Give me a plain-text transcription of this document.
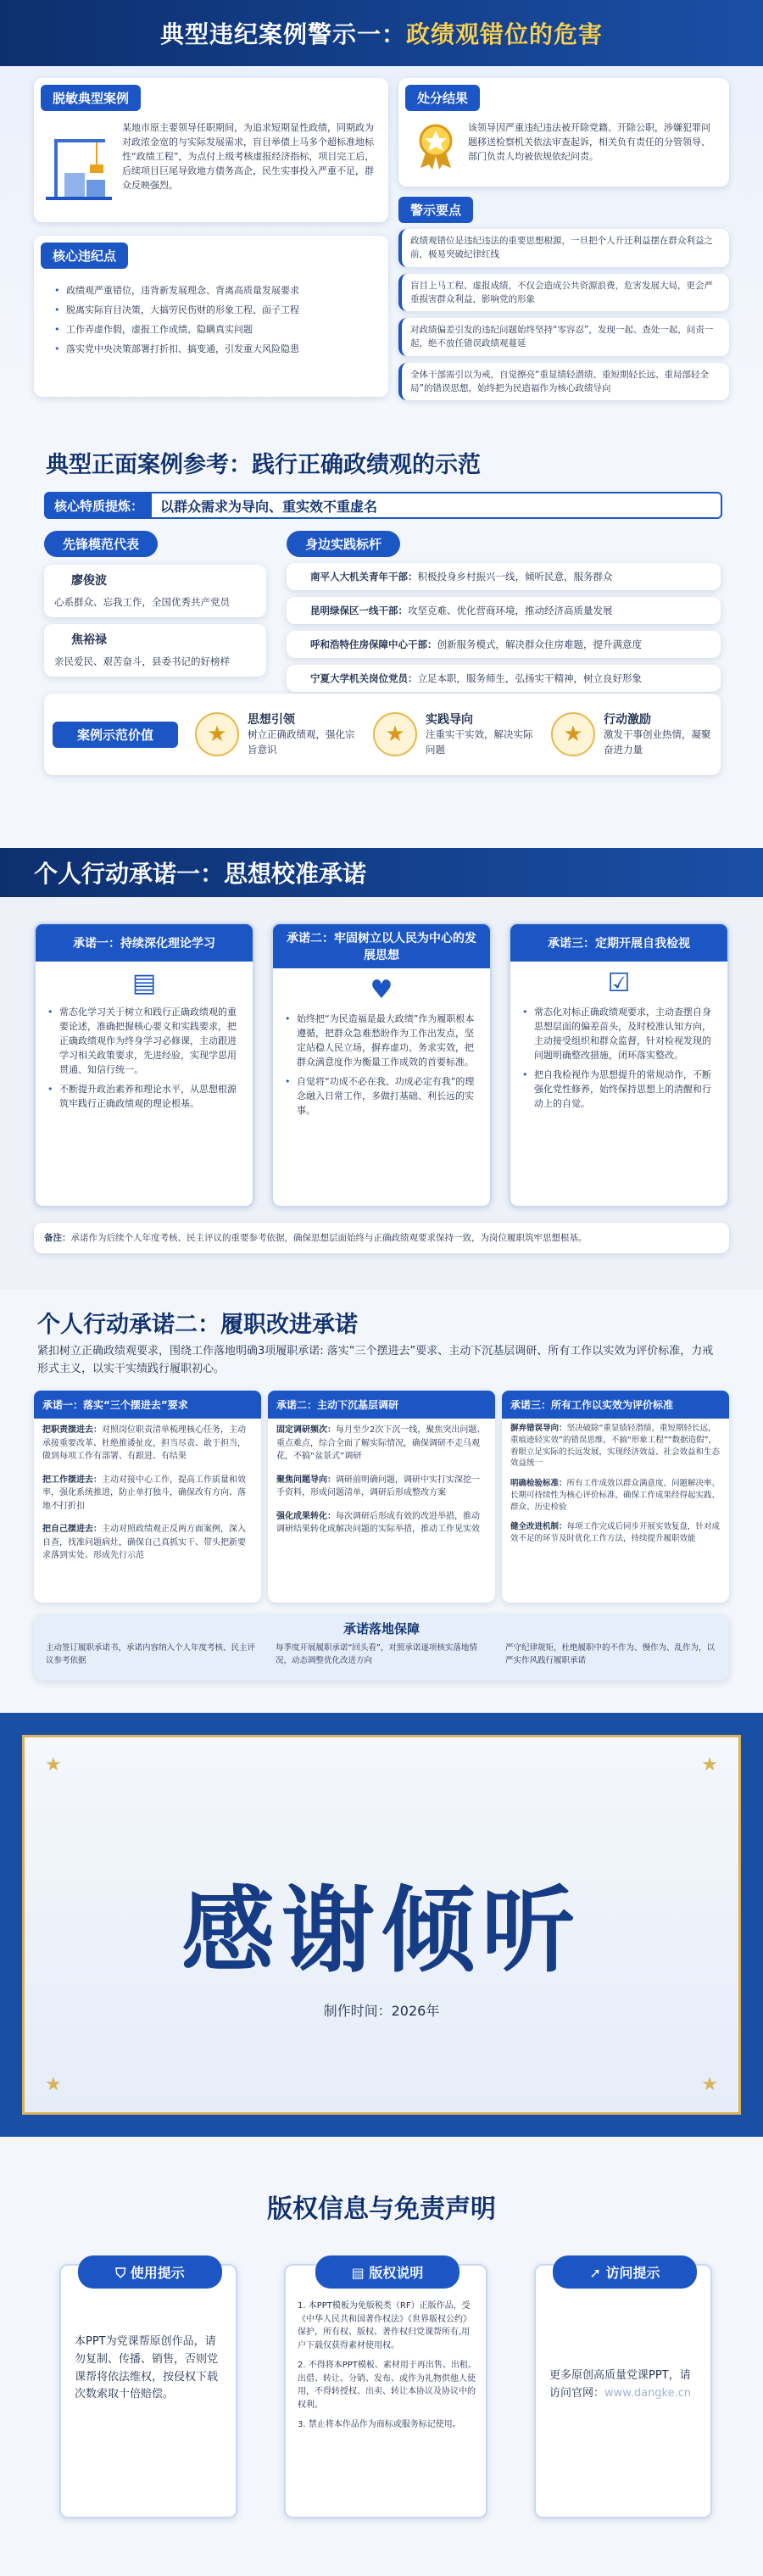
典型违纪案例警示一：政绩观错位的危害
脱敏典型案例
某地市原主要领导任职期间，为追求短期显性政绩，同期政为对政浓金宽的与实际发展需求，盲目举债上马多个超标准地标性“政绩工程”，为点付上级考核虚报经济指标，项目完工后，后续项目巨尾导致地方债务高企，民生实事投入严重不足，群众反映强烈。
处分结果
该领导因严重违纪违法被开除党籍、开除公职，涉嫌犯罪问题移送检察机关依法审查起诉，相关负有责任的分管领导、部门负责人均被依规依纪问责。
核心违纪点
• 政绩观严重错位，违背新发展理念、背离高质量发展要求
• 脱离实际盲目决策，大搞劳民伤财的形象工程、面子工程
• 工作弄虚作假，虚报工作成绩、隐瞒真实问题
• 落实党中央决策部署打折扣、搞变通，引发重大风险隐患
警示要点
政绩观错位是违纪违法的重要思想根源，一旦把个人升迁利益摆在群众利益之前，极易突破纪律红线
盲目上马工程、虚报成绩，不仅会造成公共资源浪费，危害发展大局，更会严重损害群众利益，影响党的形象
对政绩偏差引发的违纪问题始终坚持“零容忍”，发现一起、查处一起，问责一起，绝不放任错误政绩观蔓延
全体干部需引以为戒，自觉擦亮“重显绩轻潜绩、重短期轻长远、重局部轻全局”的错误思想，始终把为民造福作为核心政绩导向
典型正面案例参考：践行正确政绩观的示范
核心特质提炼：	以群众需求为导向、重实效不重虚名
先锋模范代表
廖俊波
心系群众、忘我工作，全国优秀共产党员
焦裕禄
亲民爱民、艰苦奋斗，县委书记的好榜样
身边实践标杆
南平人大机关青年干部：积极投身乡村振兴一线，倾听民意，服务群众
昆明绿保区一线干部：攻坚克难、优化营商环境，推动经济高质量发展
呼和浩特住房保障中心干部：创新服务模式，解决群众住房难题，提升满意度
宁夏大学机关岗位党员：立足本职，服务师生，弘扬实干精神，树立良好形象
案例示范价值	★
思想引领
树立正确政绩观，强化宗旨意识
★
实践导向
注重实干实效，解决实际问题
★
行动激励
激发干事创业热情，凝聚奋进力量
个人行动承诺一：思想校准承诺
承诺一：持续深化理论学习
▤
• 常态化学习关于树立和践行正确政绩观的重要论述，准确把握核心要义和实践要求，把正确政绩观作为终身学习必修课，主动跟进学习相关政策要求，先进经验，实现学思用贯通、知信行统一。
• 不断提升政治素养和理论水平，从思想根源筑牢践行正确政绩观的理论根基。
承诺二：牢固树立以人民为中心的发展思想
♥
• 始终把“为民造福是最大政绩”作为履职根本遵循，把群众急难愁盼作为工作出发点，坚定站稳人民立场，摒弃虚功、务求实效，把群众满意度作为衡量工作成效的首要标准。
• 自觉将“功成不必在我、功成必定有我”的理念融入日常工作，多做打基础、利长远的实事。
承诺三：定期开展自我检视
☑
• 常态化对标正确政绩观要求，主动查摆自身思想层面的偏差苗头，及时校准认知方向，主动接受组织和群众监督，针对检视发现的问题明确整改措施，闭环落实整改。
• 把自我检视作为思想提升的常规动作，不断强化党性修养，始终保持思想上的清醒和行动上的自觉。
备注：承诺作为后续个人年度考核、民主评议的重要参考依据，确保思想层面始终与正确政绩观要求保持一致，为岗位履职筑牢思想根基。
个人行动承诺二：履职改进承诺
紧扣树立正确政绩观要求，围绕工作落地明确3项履职承诺: 落实“三个摆进去”要求、主动下沉基层调研、所有工作以实效为评价标准，力戒形式主义，以实干实绩践行履职初心。
承诺一：落实“三个摆进去”要求
把职责摆进去：对照岗位职责清单梳理核心任务，主动承接重要改革、杜绝推诿扯皮，担当尽责、敢于担当，做到每项工作有部署、有跟进、有结果
把工作摆进去：主动对接中心工作，提高工作质量和效率，强化系统推进，防止单打独斗，确保改有方向、落地不打折扣
把自己摆进去：主动对照政绩观正反两方面案例，深入自查，找准问题病灶，确保自己真抓实干、带头把新要求落到实处、形成先行示范
承诺二：主动下沉基层调研
固定调研频次：每月至少2次下沉一线，聚焦突出问题、重点难点，综合全面了解实际情况，确保调研不走马观花，不搞“盆景式”调研
聚焦问题导向：调研前明确问题，调研中实打实深挖一手资料，形成问题清单，调研后形成整改方案
强化成果转化：每次调研后形成有效的改进举措，推动调研结果转化成解决问题的实际举措，推动工作见实效
承诺三：所有工作以实效为评价标准
摒弃错误导向：坚决破除“重显绩轻潜绩，重短期轻长远，重痕迹轻实效”的错误思维，不搞“形象工程”“数据造假”，着眼立足实际的长远发展，实现经济效益、社会效益和生态效益统一
明确检验标准：所有工作成效以群众满意度、问题解决率、长期可持续性为核心评价标准，确保工作成果经得起实践、群众、历史检验
健全改进机制：每项工作完成后同步开展实效复盘，针对成效不足的环节及时优化工作方法，持续提升履职效能
承诺落地保障
主动签订履职承诺书，承诺内容纳入个人年度考核、民主评议参考依据
每季度开展履职承诺“回头看”，对照承诺逐项核实落地情况，动态调整优化改进方向
严守纪律规矩，杜绝履职中的不作为、慢作为、乱作为，以严实作风践行履职承诺
★	★
★	★
感谢倾听
制作时间：2026年
版权信息与免责声明
⛉ 使用提示
本PPT为党课帮原创作品，请勿复制、传播、销售，否则党课帮将依法维权，按侵权下载次数索取十倍赔偿。
▤ 版权说明
1. 本PPT模板为免版税类（RF）正版作品，受《中华人民共和国著作权法》《世界版权公约》保护，所有权、版权、著作权归党课帮所有,用户下载仅获得素材使用权。
2. 不得将本PPT模板、素材用于再出售、出租、出借、转让、分销、发布、或作为礼物供他人使用，不得转授权、出卖、转让本协议及协议中的权利。
3. 禁止将本作品作为商标或服务标记使用。
➚ 访问提示
更多原创高质量党课PPT，请访问官网：www.dangke.cn
